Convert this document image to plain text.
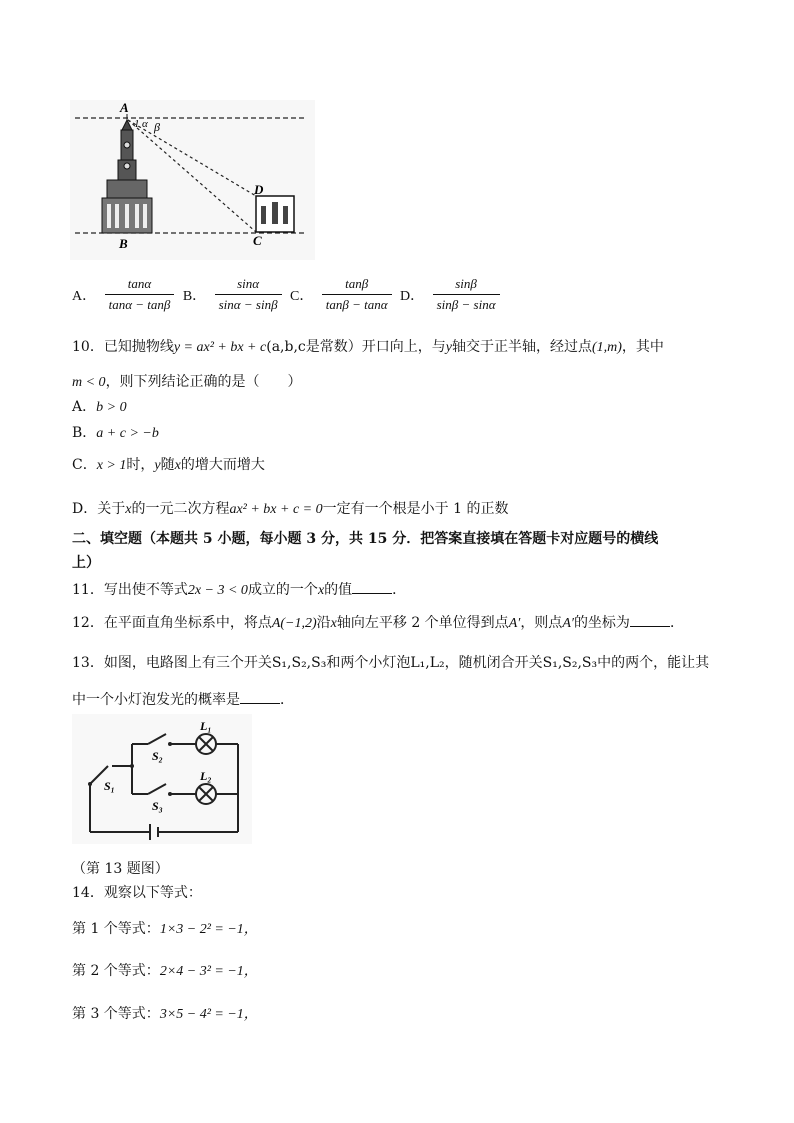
A
1 α β
D
B	C
A． $\frac{\tan\alpha}{\tan\alpha - \tan\beta}$ B． $\frac{\sin\alpha}{\sin\alpha - \sin\beta}$ C． $\frac{\tan\beta}{\tan\beta - \tan\alpha}$ D． $\frac{\sin\beta}{\sin\beta - \sin\alpha}$
10．已知抛物线y = ax² + bx + c(a,b,c是常数）开口向上，与y轴交于正半轴，经过点(1,m)，其中
m < 0，则下列结论正确的是（　　）
A．b > 0
B．a + c > −b
C．x > 1时，y随x的增大而增大
D．关于x的一元二次方程ax² + bx + c = 0一定有一个根是小于 1 的正数
二、填空题（本题共 5 小题，每小题 3 分，共 15 分．把答案直接填在答题卡对应题号的横线
上）
11．写出使不等式2x − 3 < 0成立的一个x的值	．
12．在平面直角坐标系中，将点A(−1,2)沿x轴向左平移 2 个单位得到点A′，则点A′的坐标为	．
13．如图，电路图上有三个开关S₁,S₂,S₃和两个小灯泡L₁,L₂，随机闭合开关S₁,S₂,S₃中的两个，能让其
中一个小灯泡发光的概率是	．
L₁
L₂
S₂
S₃
S₁
（第 13 题图）
14．观察以下等式：
第 1 个等式：1×3 − 2² = −1，
第 2 个等式：2×4 − 3² = −1，
第 3 个等式：3×5 − 4² = −1，
